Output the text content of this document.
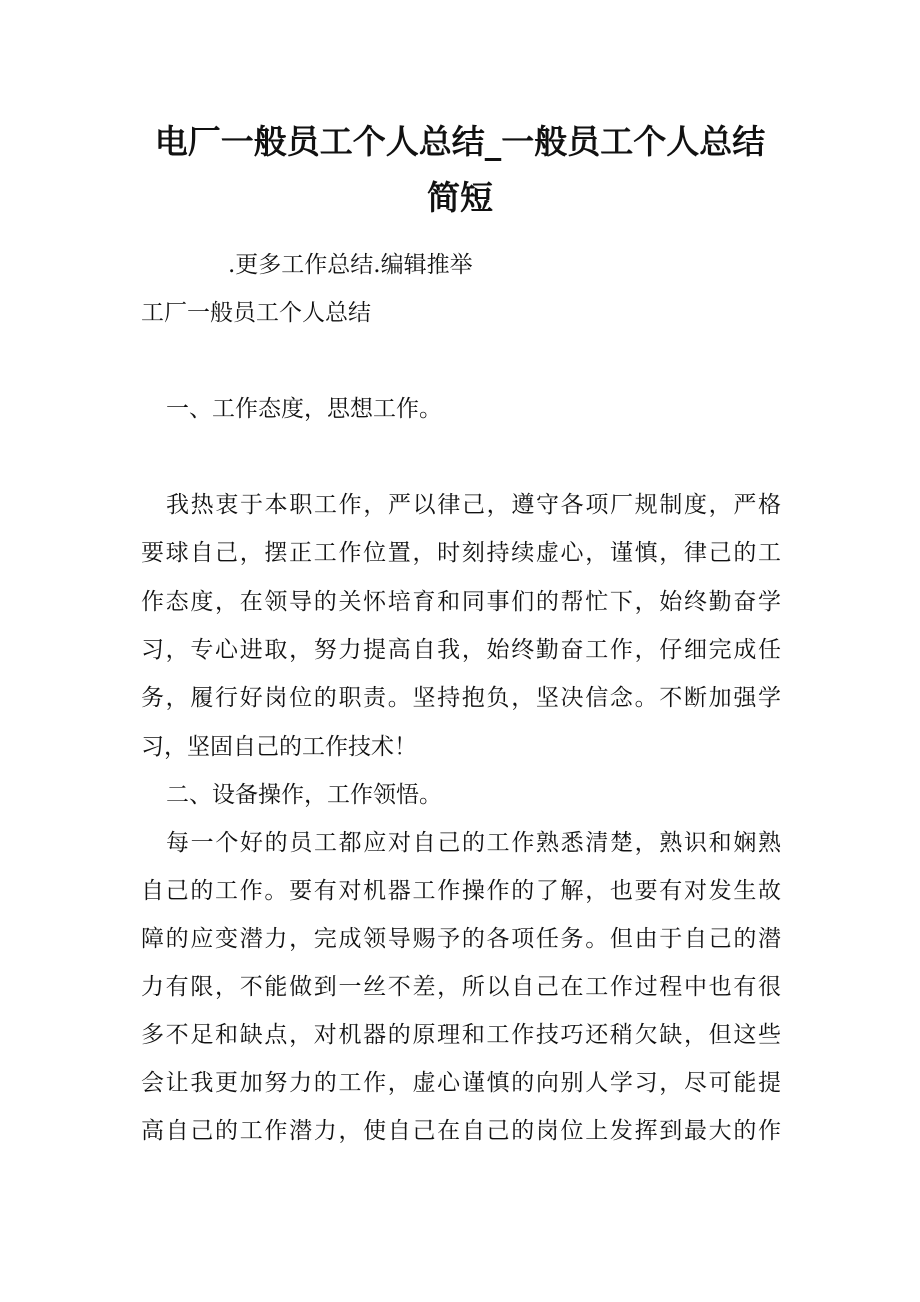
电厂一般员工个人总结_一般员工个人总结
简短

.更多工作总结.编辑推举

工厂一般员工个人总结

一、工作态度，思想工作。

我热衷于本职工作，严以律己，遵守各项厂规制度，严格

要球自己，摆正工作位置，时刻持续虚心，谨慎，律己的工

作态度，在领导的关怀培育和同事们的帮忙下，始终勤奋学

习，专心进取，努力提高自我，始终勤奋工作，仔细完成任

务，履行好岗位的职责。坚持抱负，坚决信念。不断加强学

习，坚固自己的工作技术！

二、设备操作，工作领悟。

每一个好的员工都应对自己的工作熟悉清楚，熟识和娴熟

自己的工作。要有对机器工作操作的了解，也要有对发生故

障的应变潜力，完成领导赐予的各项任务。但由于自己的潜

力有限，不能做到一丝不差，所以自己在工作过程中也有很

多不足和缺点，对机器的原理和工作技巧还稍欠缺，但这些

会让我更加努力的工作，虚心谨慎的向别人学习，尽可能提

高自己的工作潜力，使自己在自己的岗位上发挥到最大的作
